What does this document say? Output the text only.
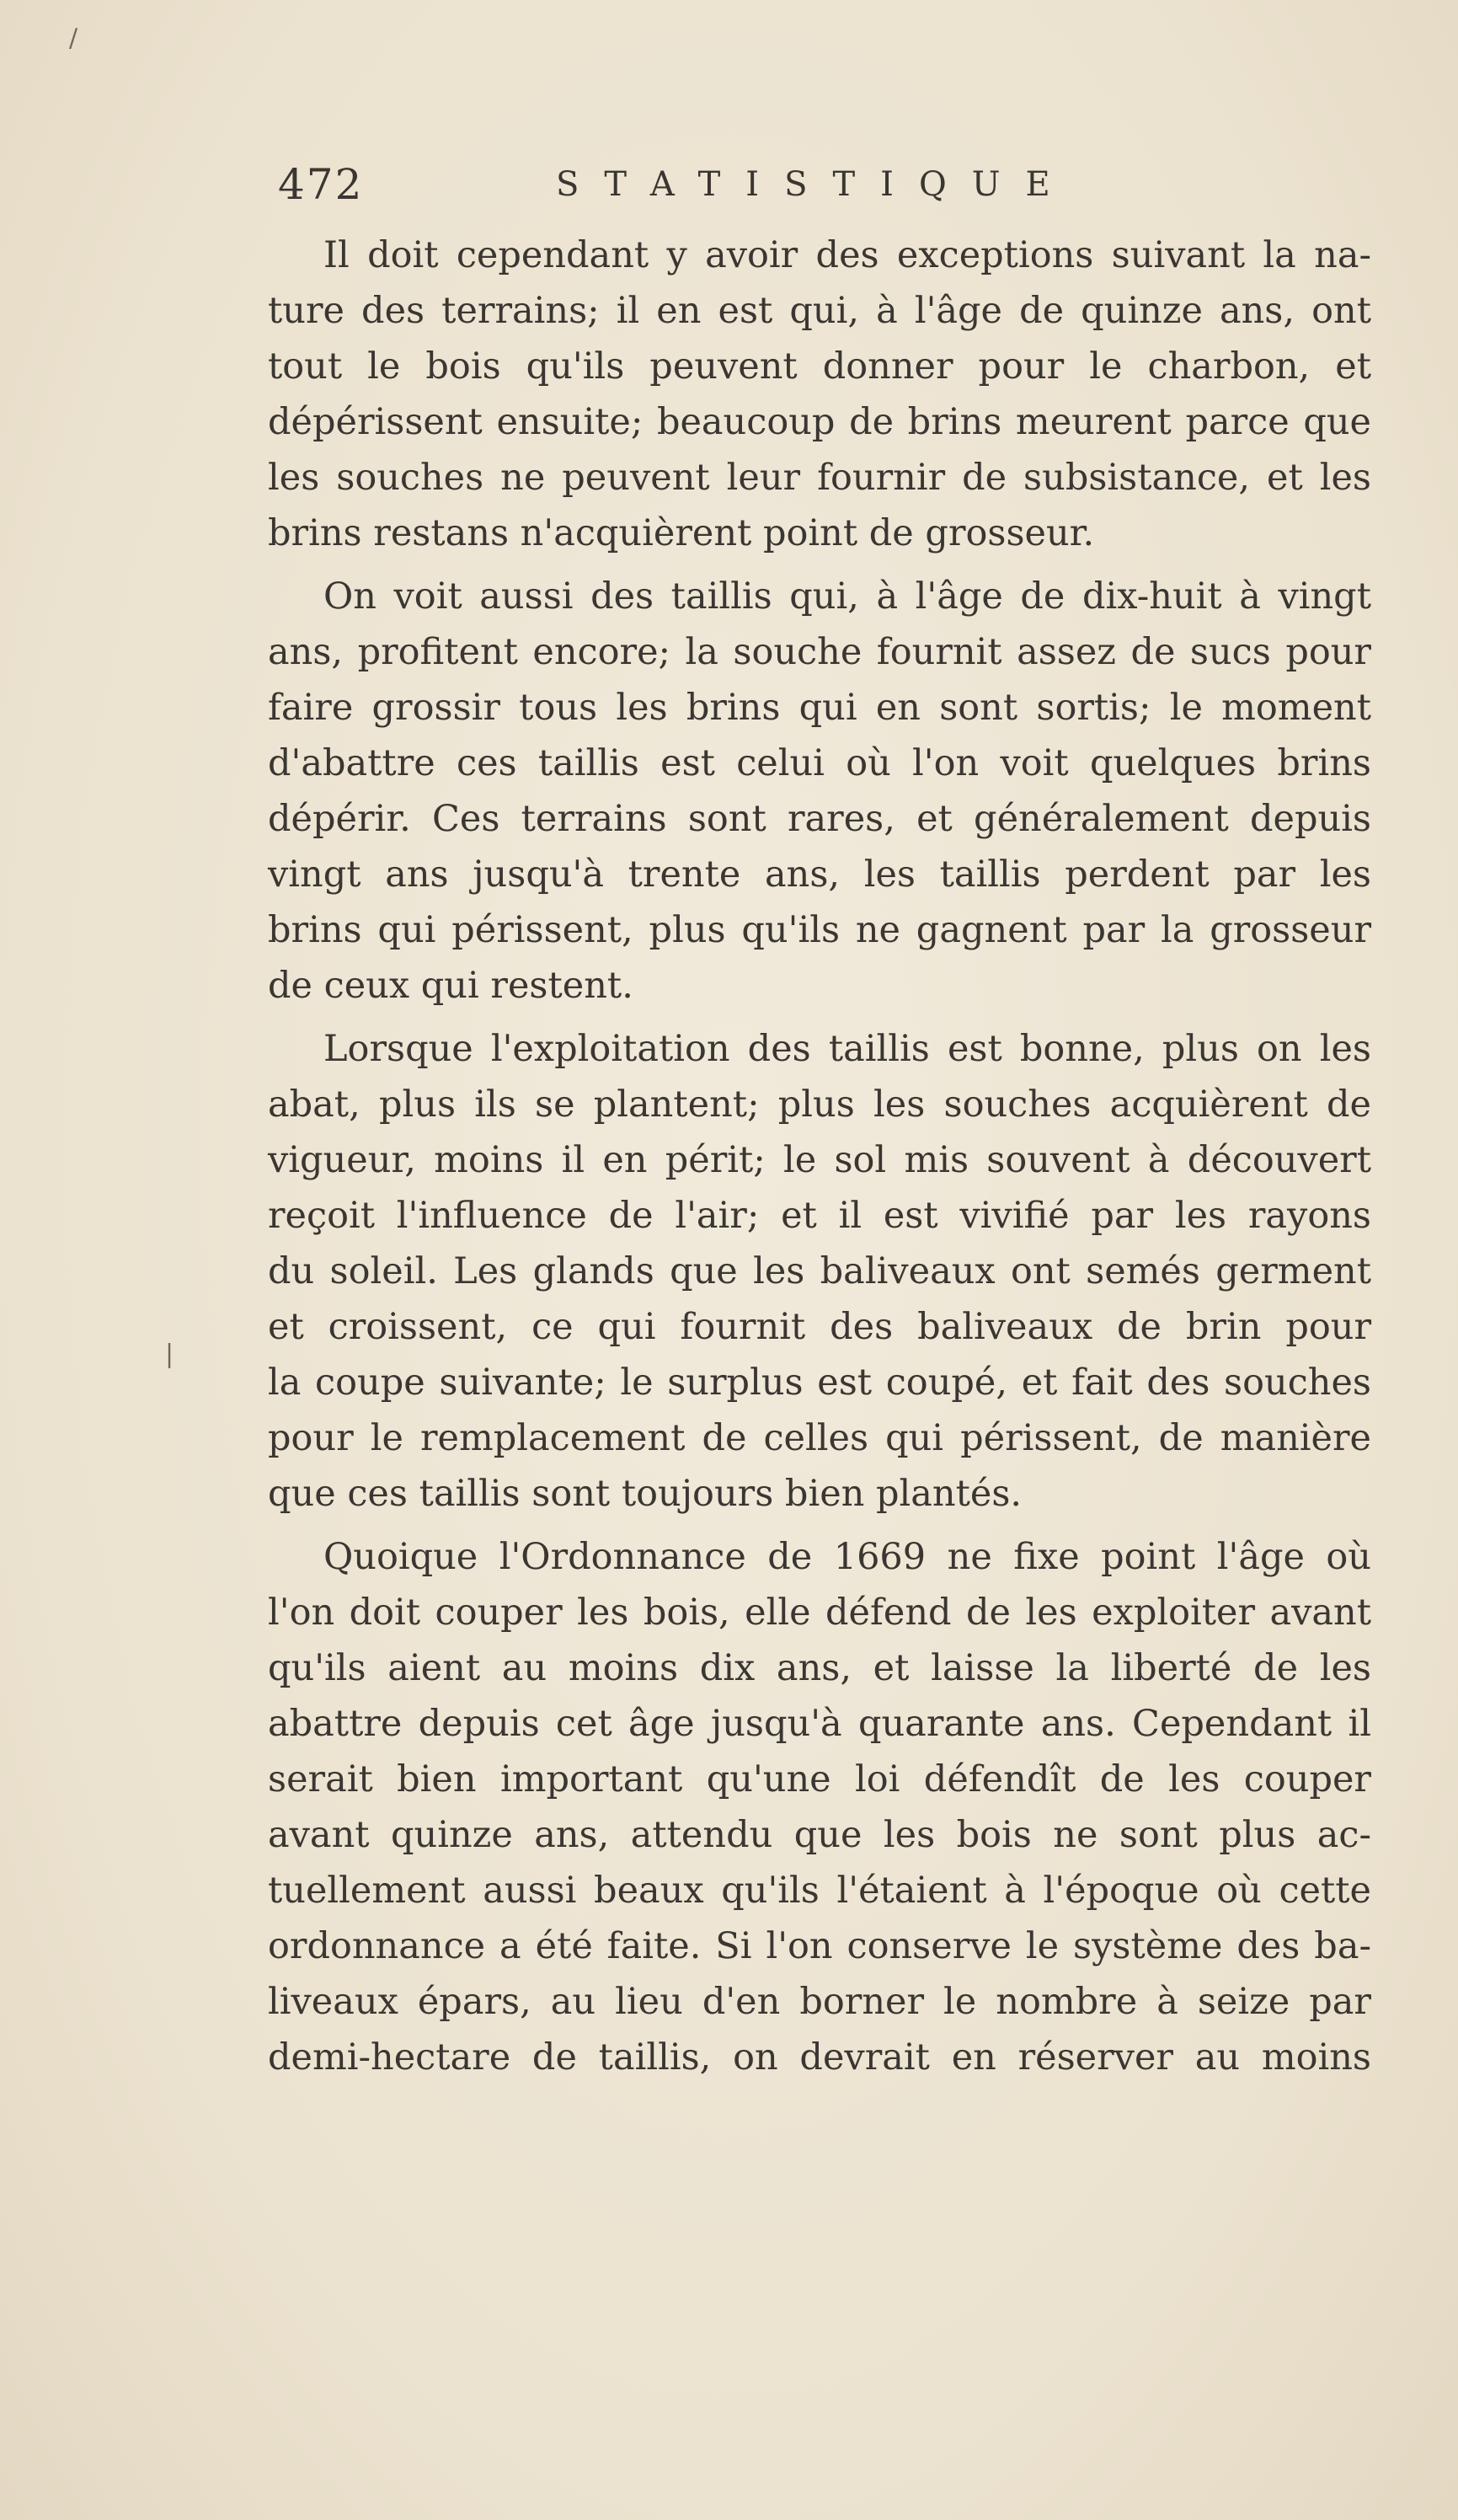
/
|
472	STATISTIQUE
Il doit cependant y avoir des exceptions suivant la na-
ture des terrains; il en est qui, à l'âge de quinze ans, ont
tout le bois qu'ils peuvent donner pour le charbon, et
dépérissent ensuite; beaucoup de brins meurent parce que
les souches ne peuvent leur fournir de subsistance, et les
brins restans n'acquièrent point de grosseur.
On voit aussi des taillis qui, à l'âge de dix-huit à vingt
ans, profitent encore; la souche fournit assez de sucs pour
faire grossir tous les brins qui en sont sortis; le moment
d'abattre ces taillis est celui où l'on voit quelques brins
dépérir. Ces terrains sont rares, et généralement depuis
vingt ans jusqu'à trente ans, les taillis perdent par les
brins qui périssent, plus qu'ils ne gagnent par la grosseur
de ceux qui restent.
Lorsque l'exploitation des taillis est bonne, plus on les
abat, plus ils se plantent; plus les souches acquièrent de
vigueur, moins il en périt; le sol mis souvent à découvert
reçoit l'influence de l'air; et il est vivifié par les rayons
du soleil. Les glands que les baliveaux ont semés germent
et croissent, ce qui fournit des baliveaux de brin pour
la coupe suivante; le surplus est coupé, et fait des souches
pour le remplacement de celles qui périssent, de manière
que ces taillis sont toujours bien plantés.
Quoique l'Ordonnance de 1669 ne fixe point l'âge où
l'on doit couper les bois, elle défend de les exploiter avant
qu'ils aient au moins dix ans, et laisse la liberté de les
abattre depuis cet âge jusqu'à quarante ans. Cependant il
serait bien important qu'une loi défendît de les couper
avant quinze ans, attendu que les bois ne sont plus ac-
tuellement aussi beaux qu'ils l'étaient à l'époque où cette
ordonnance a été faite. Si l'on conserve le système des ba-
liveaux épars, au lieu d'en borner le nombre à seize par
demi-hectare de taillis, on devrait en réserver au moins
